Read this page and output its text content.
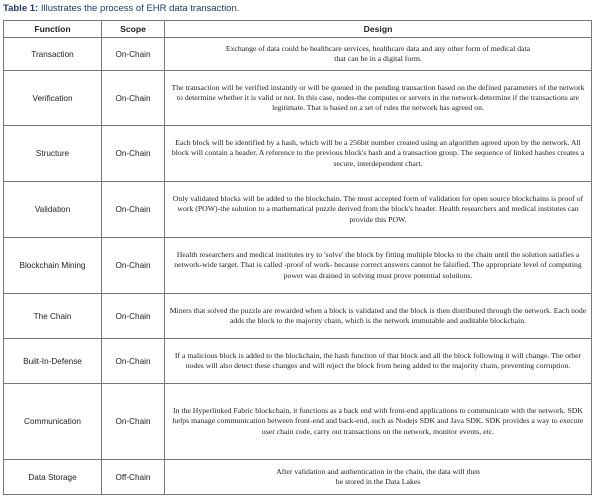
Table 1: Illustrates the process of EHR data transaction.
Function	Scope	Design
Transaction	On-Chain	Exchange of data could be healthcare services, healthcare data and any other form of medical data that can be in a digital form.
Verification	On-Chain	The transaction will be verified instantly or will be queued in the pending transaction based on the defined parameters of the network to determine whether it is valid or not. In this case, nodes-the computes or servers in the network-determine if the transactions are legitimate. That is based on a set of rules the network has agreed on.
Structure	On-Chain	Each block will be identified by a hash, which will be a 256bit number created using an algorithm agreed upon by the network. All block will contain a header. A reference to the previous block's hash and a transaction group. The sequence of linked hashes creates a secure, interdependent chart.
Validation	On-Chain	Only validated blocks will be added to the blockchain. The most accepted form of validation for open source blockchains is proof of work (POW)-the solution to a mathematical puzzle derived from the block's header. Health researchers and medical institutes can provide this POW.
Blockchain Mining	On-Chain	Health researchers and medical institutes try to 'solve' the block by fitting multiple blocks to the chain until the solution satisfies a network-wide target. That is called -proof of work- because correct answers cannot be falsified. The appropriate level of computing power was drained in solving must prove potential solutions.
The Chain	On-Chain	Miners that solved the puzzle are rewarded when a block is validated and the block is then distributed through the network. Each node adds the block to the majority chain, which is the network immutable and auditable blockchain.
Built-In-Defense	On-Chain	If a malicious block is added to the blockchain, the hash function of that block and all the block following it will change. The other nodes will also detect these changes and will reject the block from being added to the majority chain, preventing corruption.
Communication	On-Chain	In the Hyperlinked Fabric blockchain, it functions as a back end with front-end applications to communicate with the network. SDK helps manage communication between front-end and back-end, such as Nodejs SDK and Java SDK. SDK provides a way to execute user chain code, carry out transactions on the network, monitor events, etc.
Data Storage	Off-Chain	After validation and authentication in the chain, the data will then be stored in the Data Lakes
